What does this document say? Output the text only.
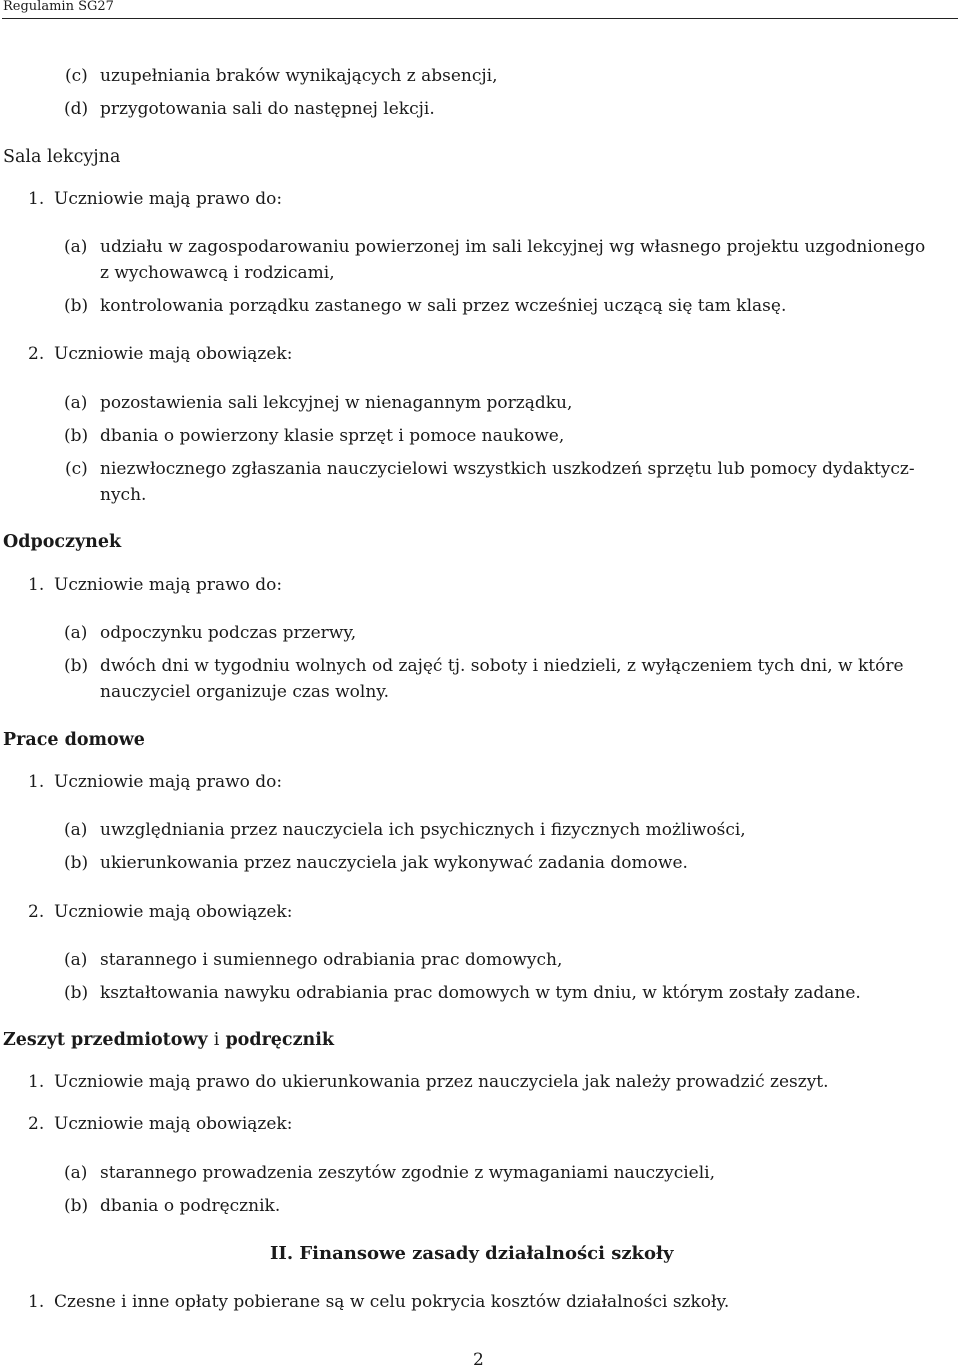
Regulamin SG27
(c) uzupełniania braków wynikających z absencji,
(d) przygotowania sali do następnej lekcji.
Sala lekcyjna
1. Uczniowie mają prawo do:
(a) udziału w zagospodarowaniu powierzonej im sali lekcyjnej wg własnego projektu uzgodnionego
z wychowawcą i rodzicami,
(b) kontrolowania porządku zastanego w sali przez wcześniej uczącą się tam klasę.
2. Uczniowie mają obowiązek:
(a) pozostawienia sali lekcyjnej w nienagannym porządku,
(b) dbania o powierzony klasie sprzęt i pomoce naukowe,
(c) niezwłocznego zgłaszania nauczycielowi wszystkich uszkodzeń sprzętu lub pomocy dydaktycz-
nych.
Odpoczynek
1. Uczniowie mają prawo do:
(a) odpoczynku podczas przerwy,
(b) dwóch dni w tygodniu wolnych od zajęć tj. soboty i niedzieli, z wyłączeniem tych dni, w które
nauczyciel organizuje czas wolny.
Prace domowe
1. Uczniowie mają prawo do:
(a) uwzględniania przez nauczyciela ich psychicznych i fizycznych możliwości,
(b) ukierunkowania przez nauczyciela jak wykonywać zadania domowe.
2. Uczniowie mają obowiązek:
(a) starannego i sumiennego odrabiania prac domowych,
(b) kształtowania nawyku odrabiania prac domowych w tym dniu, w którym zostały zadane.
Zeszyt przedmiotowy i podręcznik
1. Uczniowie mają prawo do ukierunkowania przez nauczyciela jak należy prowadzić zeszyt.
2. Uczniowie mają obowiązek:
(a) starannego prowadzenia zeszytów zgodnie z wymaganiami nauczycieli,
(b) dbania o podręcznik.
II. Finansowe zasady działalności szkoły
1. Czesne i inne opłaty pobierane są w celu pokrycia kosztów działalności szkoły.
2
